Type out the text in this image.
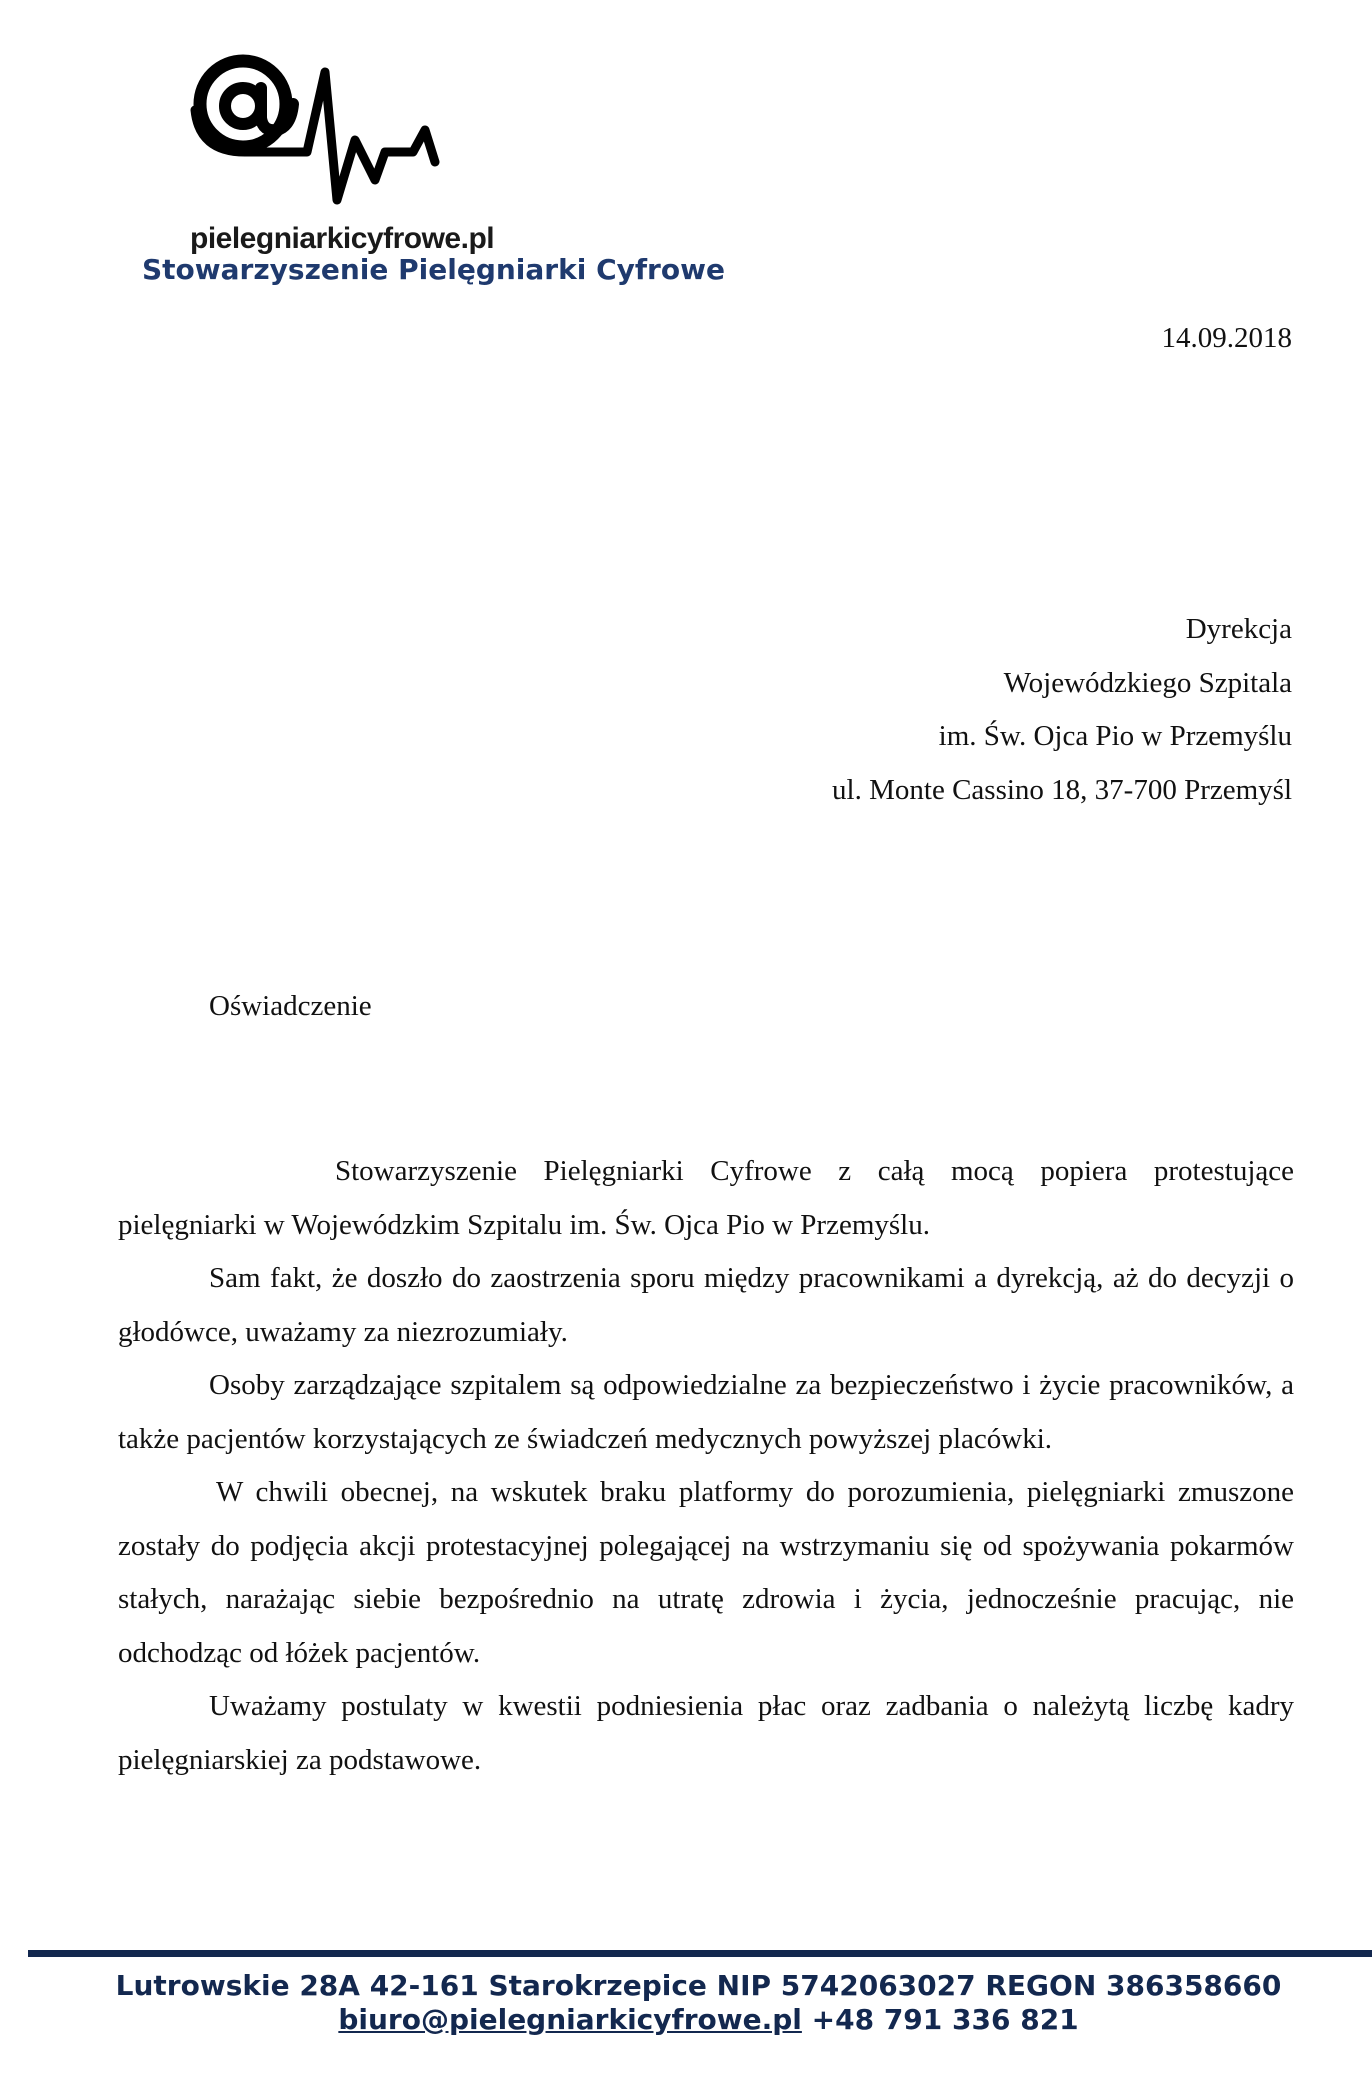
pielegniarkicyfrowe.pl
Stowarzyszenie Pielęgniarki Cyfrowe
14.09.2018
Dyrekcja
Wojewódzkiego Szpitala
im. Św. Ojca Pio w Przemyślu
ul. Monte Cassino 18, 37-700 Przemyśl
Oświadczenie

Stowarzyszenie Pielęgniarki Cyfrowe z całą mocą popiera protestujące pielęgniarki w Wojewódzkim Szpitalu im. Św. Ojca Pio w Przemyślu.

Sam fakt, że doszło do zaostrzenia sporu między pracownikami a dyrekcją, aż do decyzji o głodówce, uważamy za niezrozumiały.

Osoby zarządzające szpitalem są odpowiedzialne za bezpieczeństwo i życie pracowników, a także pacjentów korzystających ze świadczeń medycznych powyższej placówki.

W chwili obecnej, na wskutek braku platformy do porozumienia, pielęgniarki zmuszone zostały do podjęcia akcji protestacyjnej polegającej na wstrzymaniu się od spożywania pokarmów stałych, narażając siebie bezpośrednio na utratę zdrowia i życia, jednocześnie pracując, nie odchodząc od łóżek pacjentów.

Uważamy postulaty w kwestii podniesienia płac oraz zadbania o należytą liczbę kadry pielęgniarskiej za podstawowe.

Lutrowskie 28A 42-161 Starokrzepice NIP 5742063027 REGON 386358660
biuro@pielegniarkicyfrowe.pl +48 791 336 821
